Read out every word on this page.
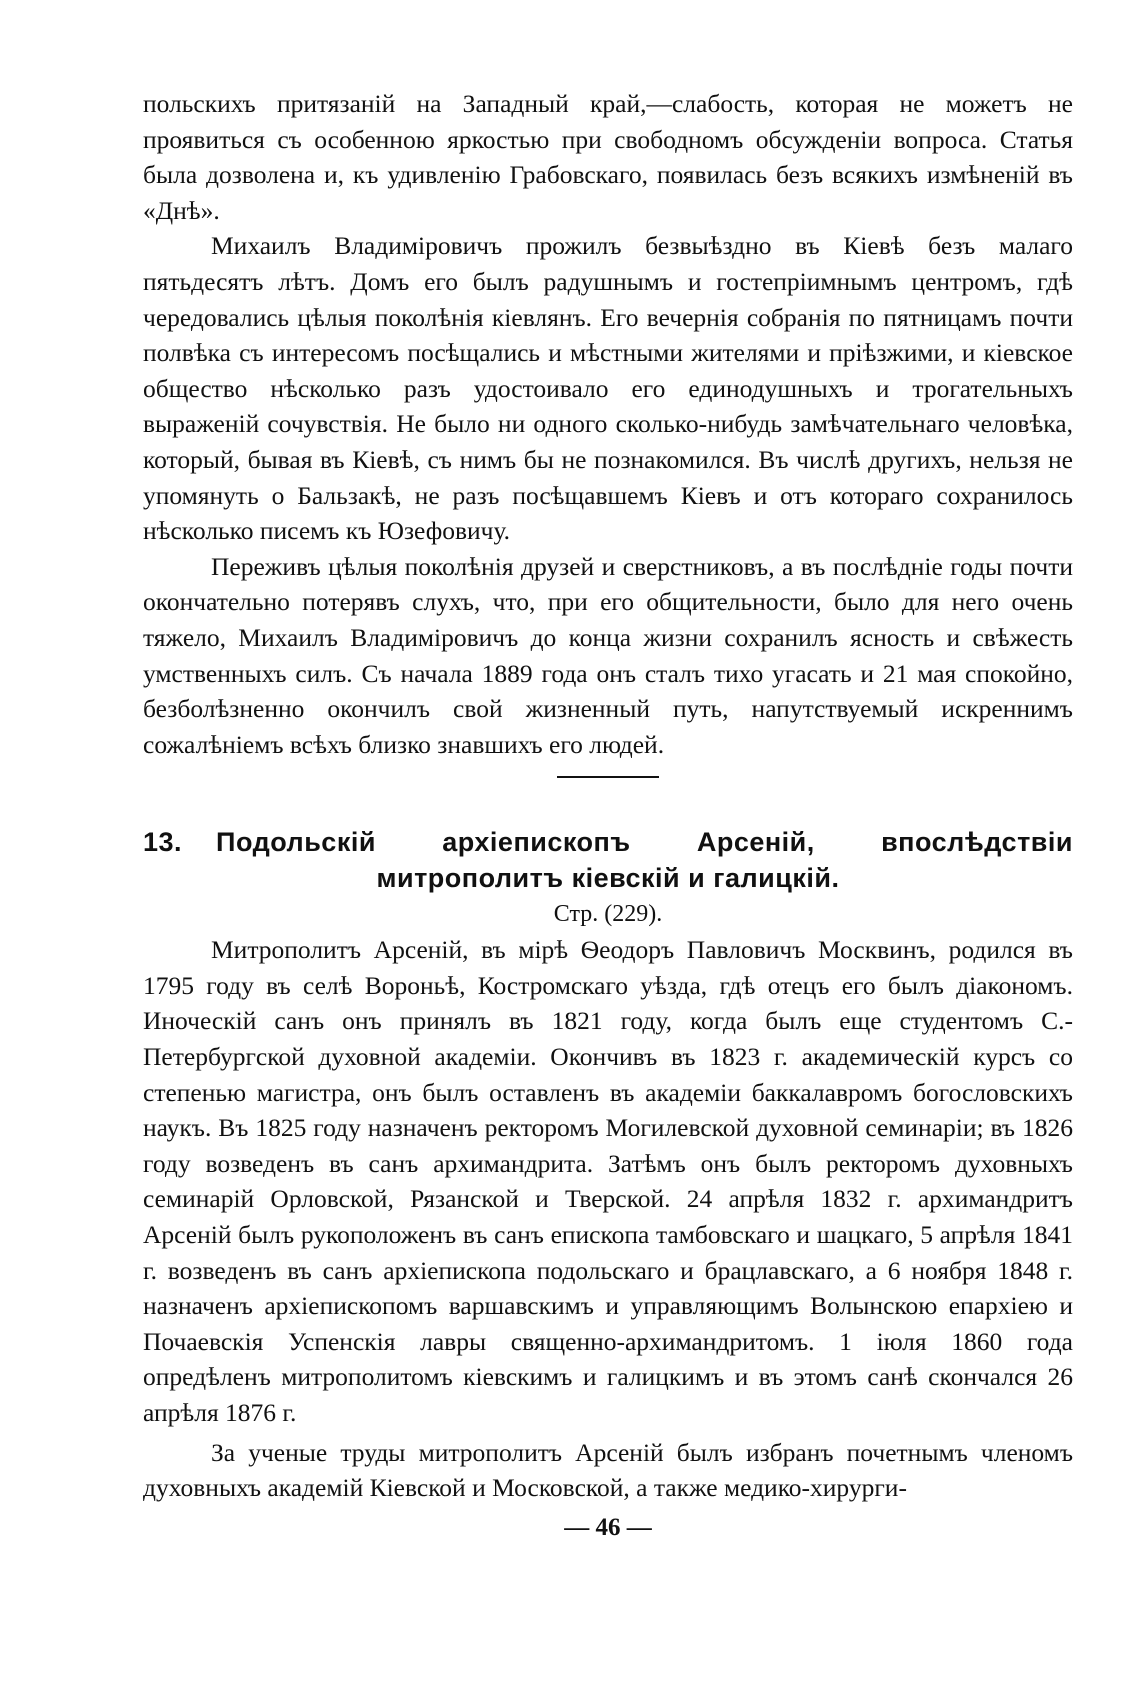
польскихъ притязаній на Западный край,—слабость, которая не можетъ не проявиться съ особенною яркостью при свободномъ обсужденіи вопроса. Статья была дозволена и, къ удивленію Грабовскаго, появилась безъ всякихъ измѣненій въ «Днѣ».

Михаилъ Владиміровичъ прожилъ безвыѣздно въ Кіевѣ безъ малаго пятьдесятъ лѣтъ. Домъ его былъ радушнымъ и гостепріимнымъ центромъ, гдѣ чередовались цѣлыя поколѣнія кіевлянъ. Его вечернія собранія по пятницамъ почти полвѣка съ интересомъ посѣщались и мѣстными жителями и пріѣзжими, и кіевское общество нѣсколько разъ удостоивало его единодушныхъ и трогательныхъ выраженій сочувствія. Не было ни одного сколько-нибудь замѣчательнаго человѣка, который, бывая въ Кіевѣ, съ нимъ бы не познакомился. Въ числѣ другихъ, нельзя не упомянуть о Бальзакѣ, не разъ посѣщавшемъ Кіевъ и отъ котораго сохранилось нѣсколько писемъ къ Юзефовичу.

Переживъ цѣлыя поколѣнія друзей и сверстниковъ, а въ послѣдніе годы почти окончательно потерявъ слухъ, что, при его общительности, было для него очень тяжело, Михаилъ Владиміровичъ до конца жизни сохранилъ ясность и свѣжесть умственныхъ силъ. Съ начала 1889 года онъ сталъ тихо угасать и 21 мая спокойно, безболѣзненно окончилъ свой жизненный путь, напутствуемый искреннимъ сожалѣніемъ всѣхъ близко знавшихъ его людей.

13. Подольскій архіепископъ Арсеній, впослѣдствіи митрополитъ кіевскій и галицкій.

Стр. (229).

Митрополитъ Арсеній, въ мірѣ Ѳеодоръ Павловичъ Москвинъ, родился въ 1795 году въ селѣ Вороньѣ, Костромскаго уѣзда, гдѣ отецъ его былъ діакономъ. Иноческій санъ онъ принялъ въ 1821 году, когда былъ еще студентомъ С.-Петербургской духовной академіи. Окончивъ въ 1823 г. академическій курсъ со степенью магистра, онъ былъ оставленъ въ академіи баккалавромъ богословскихъ наукъ. Въ 1825 году назначенъ ректоромъ Могилевской духовной семинаріи; въ 1826 году возведенъ въ санъ архимандрита. Затѣмъ онъ былъ ректоромъ духовныхъ семинарій Орловской, Рязанской и Тверской. 24 апрѣля 1832 г. архимандритъ Арсеній былъ рукоположенъ въ санъ епископа тамбовскаго и шацкаго, 5 апрѣля 1841 г. возведенъ въ санъ архіепископа подольскаго и брацлавскаго, а 6 ноября 1848 г. назначенъ архіепископомъ варшавскимъ и управляющимъ Волынскою епархіею и Почаевскія Успенскія лавры священно-архимандритомъ. 1 іюля 1860 года опредѣленъ митрополитомъ кіевскимъ и галицкимъ и въ этомъ санѣ скончался 26 апрѣля 1876 г.

За ученые труды митрополитъ Арсеній былъ избранъ почетнымъ членомъ духовныхъ академій Кіевской и Московской, а также медико-хирурги-

— 46 —
